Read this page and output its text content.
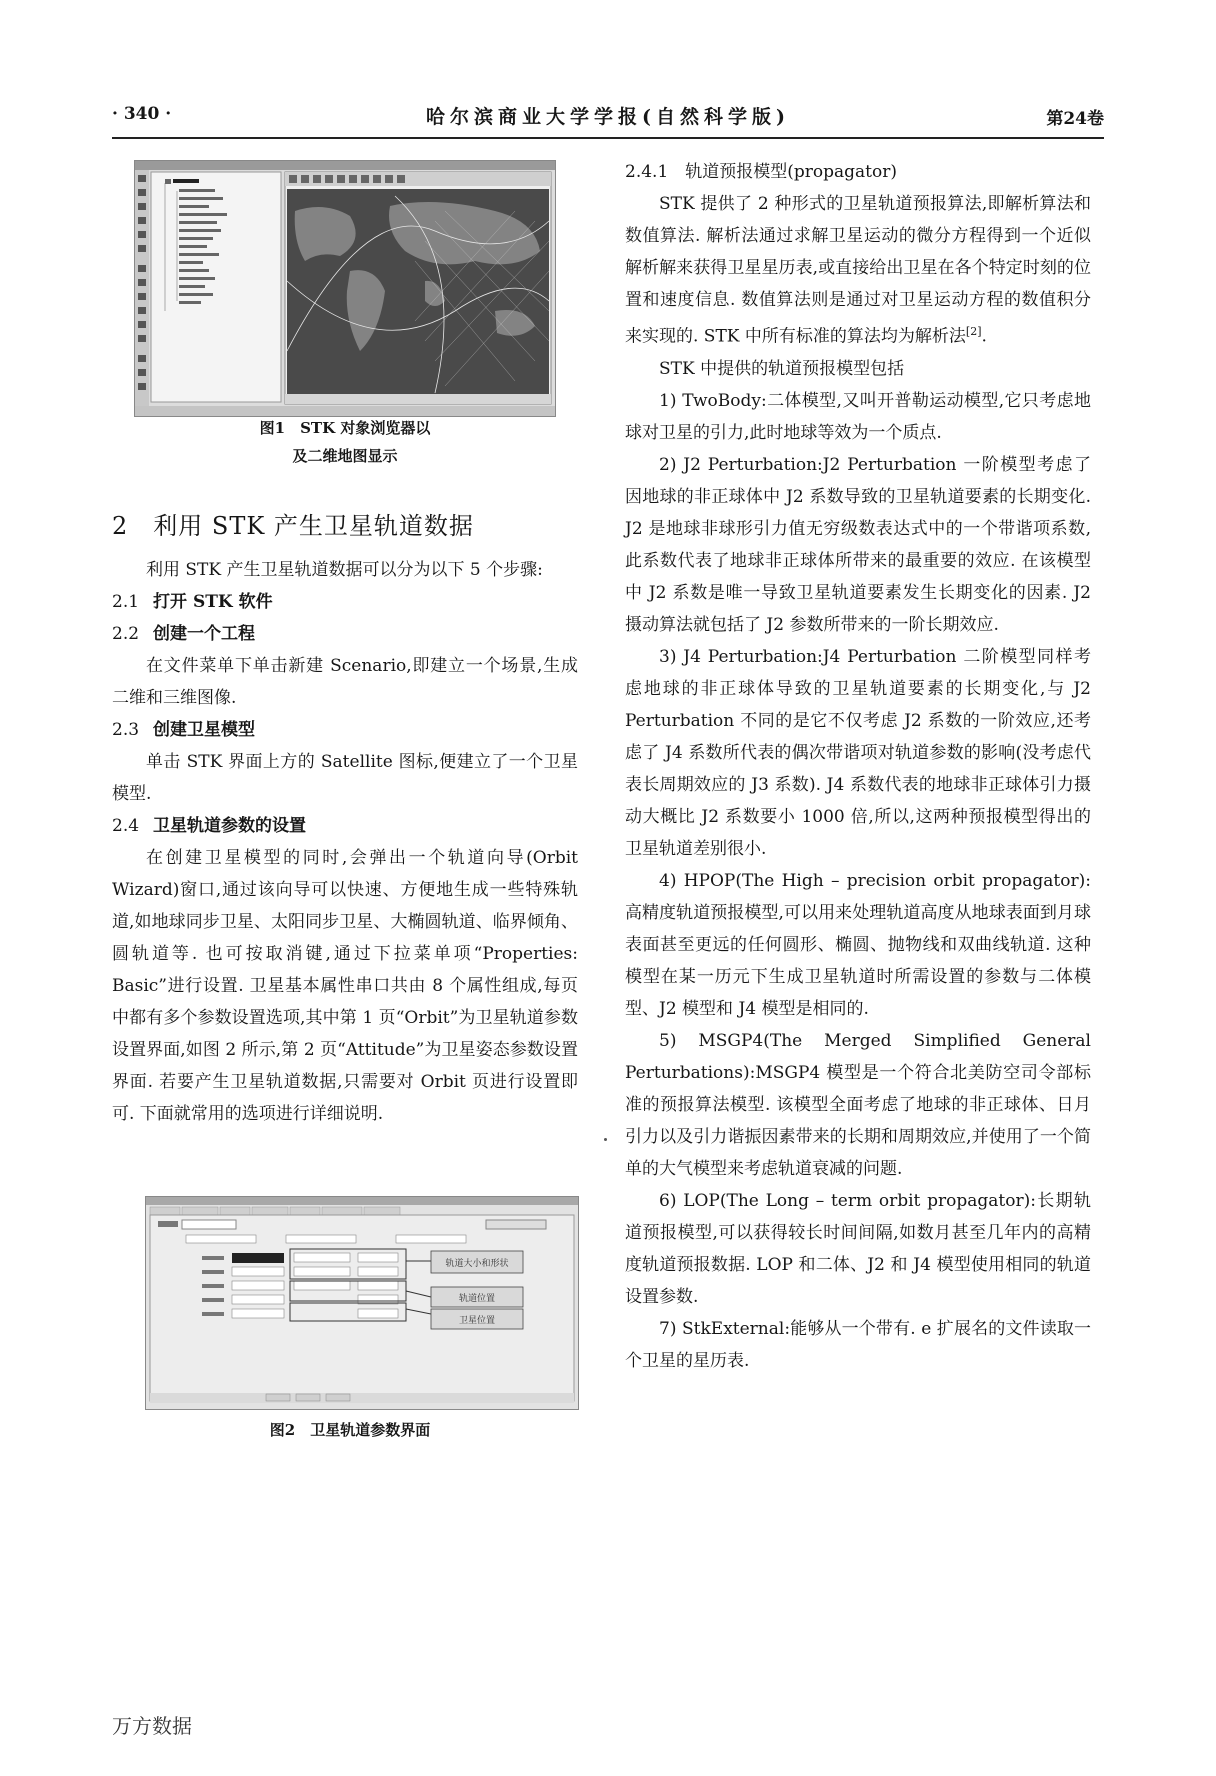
· 340 ·	哈尔滨商业大学学报(自然科学版)	第24卷
图1　STK 对象浏览器以
及二维地图显示
2　利用 STK 产生卫星轨道数据

利用 STK 产生卫星轨道数据可以分为以下 5 个步骤:

2.1 打开 STK 软件

2.2 创建一个工程

在文件菜单下单击新建 Scenario,即建立一个场景,生成二维和三维图像.

2.3 创建卫星模型

单击 STK 界面上方的 Satellite 图标,便建立了一个卫星模型.

2.4 卫星轨道参数的设置

在创建卫星模型的同时,会弹出一个轨道向导(Orbit Wizard)窗口,通过该向导可以快速、方便地生成一些特殊轨道,如地球同步卫星、太阳同步卫星、大椭圆轨道、临界倾角、圆轨道等. 也可按取消键,通过下拉菜单项“Properties: Basic”进行设置. 卫星基本属性串口共由 8 个属性组成,每页中都有多个参数设置选项,其中第 1 页“Orbit”为卫星轨道参数设置界面,如图 2 所示,第 2 页“Attitude”为卫星姿态参数设置界面. 若要产生卫星轨道数据,只需要对 Orbit 页进行设置即可. 下面就常用的选项进行详细说明.

轨道大小和形状
轨道位置
卫星位置
图2　卫星轨道参数界面

2.4.1　轨道预报模型(propagator)

STK 提供了 2 种形式的卫星轨道预报算法,即解析算法和数值算法. 解析法通过求解卫星运动的微分方程得到一个近似解析解来获得卫星星历表,或直接给出卫星在各个特定时刻的位置和速度信息. 数值算法则是通过对卫星运动方程的数值积分来实现的. STK 中所有标准的算法均为解析法[2].

STK 中提供的轨道预报模型包括

1) TwoBody:二体模型,又叫开普勒运动模型,它只考虑地球对卫星的引力,此时地球等效为一个质点.

2) J2 Perturbation:J2 Perturbation 一阶模型考虑了因地球的非正球体中 J2 系数导致的卫星轨道要素的长期变化. J2 是地球非球形引力值无穷级数表达式中的一个带谐项系数,此系数代表了地球非正球体所带来的最重要的效应. 在该模型中 J2 系数是唯一导致卫星轨道要素发生长期变化的因素. J2 摄动算法就包括了 J2 参数所带来的一阶长期效应.

3) J4 Perturbation:J4 Perturbation 二阶模型同样考虑地球的非正球体导致的卫星轨道要素的长期变化,与 J2 Perturbation 不同的是它不仅考虑 J2 系数的一阶效应,还考虑了 J4 系数所代表的偶次带谐项对轨道参数的影响(没考虑代表长周期效应的 J3 系数). J4 系数代表的地球非正球体引力摄动大概比 J2 系数要小 1000 倍,所以,这两种预报模型得出的卫星轨道差别很小.

4) HPOP(The High – precision orbit propagator):高精度轨道预报模型,可以用来处理轨道高度从地球表面到月球表面甚至更远的任何圆形、椭圆、抛物线和双曲线轨道. 这种模型在某一历元下生成卫星轨道时所需设置的参数与二体模型、J2 模型和 J4 模型是相同的.

5) MSGP4(The Merged Simplified General Perturbations):MSGP4 模型是一个符合北美防空司令部标准的预报算法模型. 该模型全面考虑了地球的非正球体、日月引力以及引力谐振因素带来的长期和周期效应,并使用了一个简单的大气模型来考虑轨道衰减的问题.

6) LOP(The Long – term orbit propagator):长期轨道预报模型,可以获得较长时间间隔,如数月甚至几年内的高精度轨道预报数据. LOP 和二体、J2 和 J4 模型使用相同的轨道设置参数.

7) StkExternal:能够从一个带有. e 扩展名的文件读取一个卫星的星历表.

万方数据
